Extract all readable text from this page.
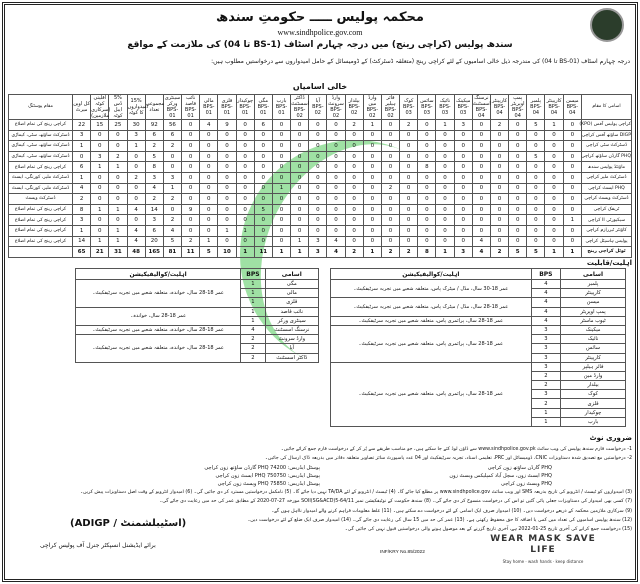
محکمہ پولیس ـــــ حکومتِ سندھ
www.sindhpolice.gov.com
سندھ پولیس (کراچی رینج) میں درجہ چہارم اسٹاف (BS-1 تا 04) کی ملازمت کے مواقع
درجہ چہارم اسٹاف (BS-01 تا 04) کی مندرجہ ذیل خالی اسامیوں کے لئے کراچی رینج (متعلقہ ڈسٹرکٹ) کے ڈومیسائل کے حامل امیدواروں سے درخواستیں مطلوب ہیں:
خالی اسامیاں
مقام پوسٹنگ	کل اوپن میرٹ	اقلیتی کوٹہ (سرکاری ملازمین)	5% ڈس ایبل کوٹہ	15% امیدواروں کا کوٹہ	مجموعی تعداد	سینٹری ورکر BPS-01	نائب قاصد BPS-01	مالی BPS-01	قلزی BPS-01	چوکیدار BPS-01	مگی BPS-01	بارب BPS-01	ڈاکٹر اسسٹنٹ BPS-02	آیا BPS-02	وارڈ سرونٹ BPS-02	بیلدار BPS-02	وارڈ مین BPS-02	فائر ہیلپر BPS-02	کوک BPS-03	سائس BPS-03	نائیک BPS-03	میکینک BPS-03	نرسنگ اسسٹنٹ BPS-04	کارپینٹر BPS-04	پمپ اوپریٹر BPS-04	پلمبر BPS-04	کارپینٹر BPS-04	میسن BPS-04	اسامی کا مقام
کراچی رینج کی تمام اضلاع	22	15	25	30	92	56	0	4	9	0	6	0	0	0	0	2	1	0	2	0	1	3	0	2	0	5	1	0	کراچی پولیس آفس (KPO)
ڈسٹرکٹ ساؤتھ، سٹی، کیماڑی	3	0	0	3	6	6	0	0	0	0	0	0	0	0	0	0	0	0	0	0	0	0	0	0	0	0	0	0	DIGP ساؤتھ آفس کراچی
ڈسٹرکٹ ساؤتھ، سٹی، کیماڑی	1	0	0	1	2	2	0	0	0	0	0	0	0	0	0	0	0	0	0	0	0	0	0	0	0	0	0	0	ڈسٹرکٹ سٹی کراچی
ڈسٹرکٹ ساؤتھ، سٹی، کیماڑی	0	3	2	0	5	0	0	0	0	0	0	0	0	0	0	0	0	0	0	0	0	0	0	0	0	5	0	0	PHQ گارڈن ساؤتھ کراچی
کراچی رینج کی تمام اضلاع	6	1	1	0	8	0	0	0	0	0	0	0	0	0	0	0	0	0	0	8	0	0	0	0	0	0	0	0	ماؤنٹڈ پولیس سندھ
ڈسٹرکٹ ملیر، کورنگی، ایسٹ	1	0	0	2	3	3	0	0	0	0	0	0	0	0	0	0	0	0	0	0	0	0	0	0	0	0	0	0	ڈسٹرکٹ ملیر کراچی
ڈسٹرکٹ ملیر، کورنگی، ایسٹ	4	0	0	0	4	1	0	0	0	0	0	1	0	0	0	0	0	2	0	0	0	0	0	0	0	0	0	0	PHQ ایسٹ کراچی
ڈسٹرکٹ ویسٹ	2	0	0	0	2	2	0	0	0	0	0	0	0	0	0	0	0	0	0	0	0	0	0	0	0	0	0	0	ڈسٹرکٹ ویسٹ کراچی
کراچی رینج کی تمام اضلاع	8	1	1	4	14	0	9	0	0	0	5	0	0	0	0	0	0	0	0	0	0	0	0	0	0	0	0	0	ٹریفک کراچی
کراچی رینج کی تمام اضلاع	3	0	0	0	3	2	0	0	0	0	0	0	0	0	0	0	0	0	0	0	0	0	0	0	0	0	0	1	سیکیورٹی II کراچی
کراچی رینج کی تمام اضلاع	1	0	1	4	6	4	0	0	1	1	0	0	0	0	0	0	0	0	0	0	0	0	0	0	0	0	0	0	کاؤنٹر ٹیررازم کراچی
کراچی رینج کی تمام اضلاع	14	1	1	4	20	5	2	1	0	0	0	0	1	3	4	0	0	0	0	0	0	0	4	0	0	0	0	0	پولیس ہاسپٹل کراچی
	65	21	31	48	165	81	11	5	10	1	11	1	1	3	4	2	1	2	2	8	1	3	4	2	5	5	1	1	ٹوٹل کراچی رینج
اہلیت/قابلیت
اسامی	BPS	اہلیت/کوالیفیکیشن
پلمبر	4	عمر 18-30 سال، مڈل / میٹرک پاس، متعلقہ شعبے میں تجربہ سرٹیفکیٹ۔
کارپینٹر	4	
میسن	4	عمر 18-28 سال، مڈل / میٹرک پاس، متعلقہ شعبے میں تجربہ سرٹیفکیٹ۔
پمپ اوپریٹر	4	
ٹیوب ماسٹر	4	عمر 18-28 سال، پرائمری پاس، متعلقہ شعبے میں تجربہ سرٹیفکیٹ۔
میکینک	3	عمر 18-28 سال، پرائمری پاس، متعلقہ شعبے میں تجربہ سرٹیفکیٹ۔
نائیک	3	
سائس	3	
کارپینٹر	3	
فائر ہیلپر	3	عمر 18-28 سال، پرائمری پاس، متعلقہ شعبے میں تجربہ سرٹیفکیٹ۔
وارڈ مین	2	
بیلدار	2	
کوک	3	
قلزی	2	
چوکیدار	1	
بارب	1	
اسامی	BPS	اہلیت/کوالیفیکیشن
مگی	1	عمر 18-28 سال، خواندہ، متعلقہ شعبے میں تجربہ سرٹیفکیٹ۔
مالی	1	
قلزی	1	
نائب قاصد	1	عمر 18-28 سال، خواندہ۔
سینٹری ورکر	1	
نرسنگ اسسٹنٹ	4	عمر 18-28 سال، خواندہ، متعلقہ شعبے میں تجربہ سرٹیفکیٹ۔
وارڈ سرونٹ	2	عمر 18-28 سال، خواندہ، متعلقہ شعبے میں تجربہ سرٹیفکیٹ۔
آیا	2	
ڈاکٹر اسسٹنٹ	2	
ضروری نوٹ
1- درخواست فارم سندھ پولیس کی ویب سائٹ www.sindhpolice.gov.pk سے ڈاؤن لوڈ کئے جا سکتے ہیں، جو مناسب طریقے سے پُر کر کے درخواست فارم جمع کرائے جائیں۔
2- درخواستیں مع تصدیق شدہ دستاویزات CNIC، ڈومیسائل اور PRC، تعلیمی اسناد، تجربہ سرٹیفکیٹ اور 04 عدد پاسپورٹ سائز تصاویر متعلقہ دفاتر میں بذریعہ ڈاک ارسال کی جائیں۔
PHQ گارڈن ساؤتھ زون کراچی
پوسٹل ایڈریس: PHQ 74200 گارڈن ساؤتھ زون کراچی
PHQ ایسٹ زون، سچل آباد کمپلیکس ویسٹ زون
پوسٹل ایڈریس: PHQ 750750 ایسٹ زون کراچی
PHQ ویسٹ زون کراچی
پوسٹل ایڈریس: PHQ 75850 ویسٹ زون کراچی
(3) امیدواروں کو ٹیسٹ / انٹرویو کی تاریخ بذریعہ SMS اور ویب سائٹ www.sindhpolice.gov پر مطلع کیا جائے گا۔ (4) ٹیسٹ / انٹرویو کے لئے TA/DA نہیں دیا جائے گا۔ (5) نامکمل درخواستیں مسترد کر دی جائیں گی۔ (6) امیدوار انٹرویو کے وقت اصل دستاویزات پیش کریں۔
(7) کسی بھی امیدوار کی دستاویزات جعلی پائی گئیں تو اس کی درخواست منسوخ کر دی جائے گی۔ (8) سندھ حکومت کے نوٹیفکیشن نمبر SOII(SG&ACD)5-64/11 مورخہ 27-07-2020 کے مطابق عمر کی حد میں رعایت دی جائے گی۔
(9) سرکاری ملازمین محکمہ کے ذریعے درخواست دیں۔ (10) امیدوار صرف ایک اسامی کے لئے درخواست دے سکتے ہیں۔ (11) غلط معلومات فراہم کرنے والے امیدوار نااہل ہوں گے۔
(12) سندھ پولیس اسامیوں کی تعداد میں کمی یا اضافہ کا حق محفوظ رکھتی ہے۔ (13) عمر کی حد میں 15 سال کی رعایت دی جائے گی۔ (14) امیدوار صرف ایک ضلع کے لئے درخواست دیں۔
(15) درخواست جمع کرانے کی آخری تاریخ 25-01-2022 ہے، آخری تاریخ گزرنے کے بعد موصول ہونے والی درخواستیں قبول نہیں کی جائیں گی۔
(ADIGP / اسٹیبلشمنٹ)
برائے ایڈیشنل انسپکٹر جنرل آف پولیس کراچی
INF/KRY No.85/2022
WEAR MASK SAVE LIFE
Stay home · wash hands · keep distance
